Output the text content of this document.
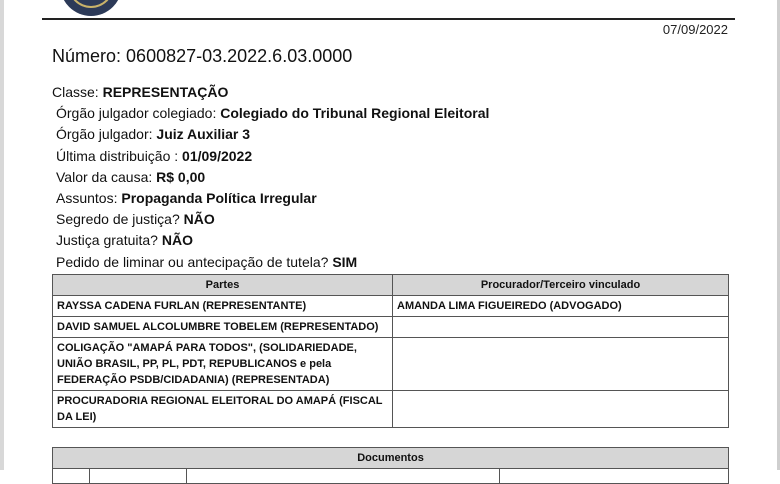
07/09/2022
Número: 0600827-03.2022.6.03.0000
Classe: REPRESENTAÇÃO
Órgão julgador colegiado: Colegiado do Tribunal Regional Eleitoral
Órgão julgador: Juiz Auxiliar 3
Última distribuição : 01/09/2022
Valor da causa: R$ 0,00
Assuntos: Propaganda Política Irregular
Segredo de justiça? NÃO
Justiça gratuita? NÃO
Pedido de liminar ou antecipação de tutela? SIM
Partes	Procurador/Terceiro vinculado
RAYSSA CADENA FURLAN (REPRESENTANTE)	AMANDA LIMA FIGUEIREDO (ADVOGADO)
DAVID SAMUEL ALCOLUMBRE TOBELEM (REPRESENTADO)	
COLIGAÇÃO "AMAPÁ PARA TODOS", (SOLIDARIEDADE, UNIÃO BRASIL, PP, PL, PDT, REPUBLICANOS e pela FEDERAÇÃO PSDB/CIDADANIA) (REPRESENTADA)	
PROCURADORIA REGIONAL ELEITORAL DO AMAPÁ (FISCAL DA LEI)	
Documentos
